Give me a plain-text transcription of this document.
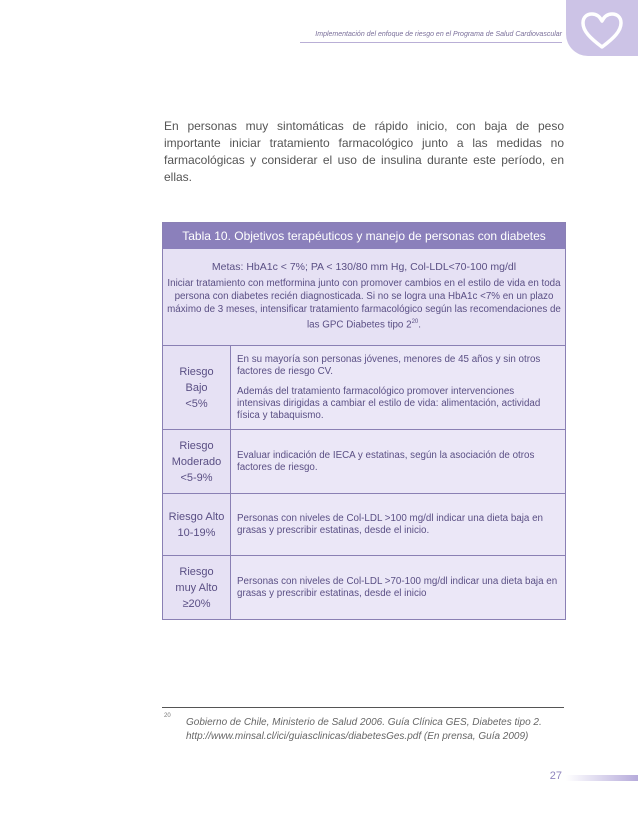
Implementación del enfoque de riesgo en el Programa de Salud Cardiovascular

En personas muy sintomáticas de rápido inicio, con baja de peso importante iniciar tratamiento farmacológico junto a las medidas no farmacológicas y considerar el uso de insulina durante este período, en ellas.

Tabla 10. Objetivos terapéuticos y manejo de personas con diabetes
Metas: HbA1c < 7%; PA < 130/80 mm Hg, Col-LDL<70-100 mg/dl
Iniciar tratamiento con metformina junto con promover cambios en el estilo de vida en toda persona con diabetes recién diagnosticada. Si no se logra una HbA1c <7% en un plazo máximo de 3 meses, intensificar tratamiento farmacológico según las recomendaciones de las GPC Diabetes tipo $2^{20}$.
Riesgo
Bajo
<5%

En su mayoría son personas jóvenes, menores de 45 años y sin otros factores de riesgo CV.

Además del tratamiento farmacológico promover intervenciones intensivas dirigidas a cambiar el estilo de vida: alimentación, actividad física y tabaquismo.

Riesgo
Moderado
<5-9%

Evaluar indicación de IECA y estatinas, según la asociación de otros factores de riesgo.

Riesgo Alto
10-19%

Personas con niveles de Col-LDL >100 mg/dl indicar una dieta baja en grasas y prescribir estatinas, desde el inicio.

Riesgo
muy Alto
≥20%

Personas con niveles de Col-LDL >70-100 mg/dl indicar una dieta baja en grasas y prescribir estatinas, desde el inicio

20
Gobierno de Chile, Ministerio de Salud 2006. Guía Clínica GES, Diabetes tipo 2. http://www.minsal.cl/ici/guiasclinicas/diabetesGes.pdf (En prensa, Guía 2009)
27
